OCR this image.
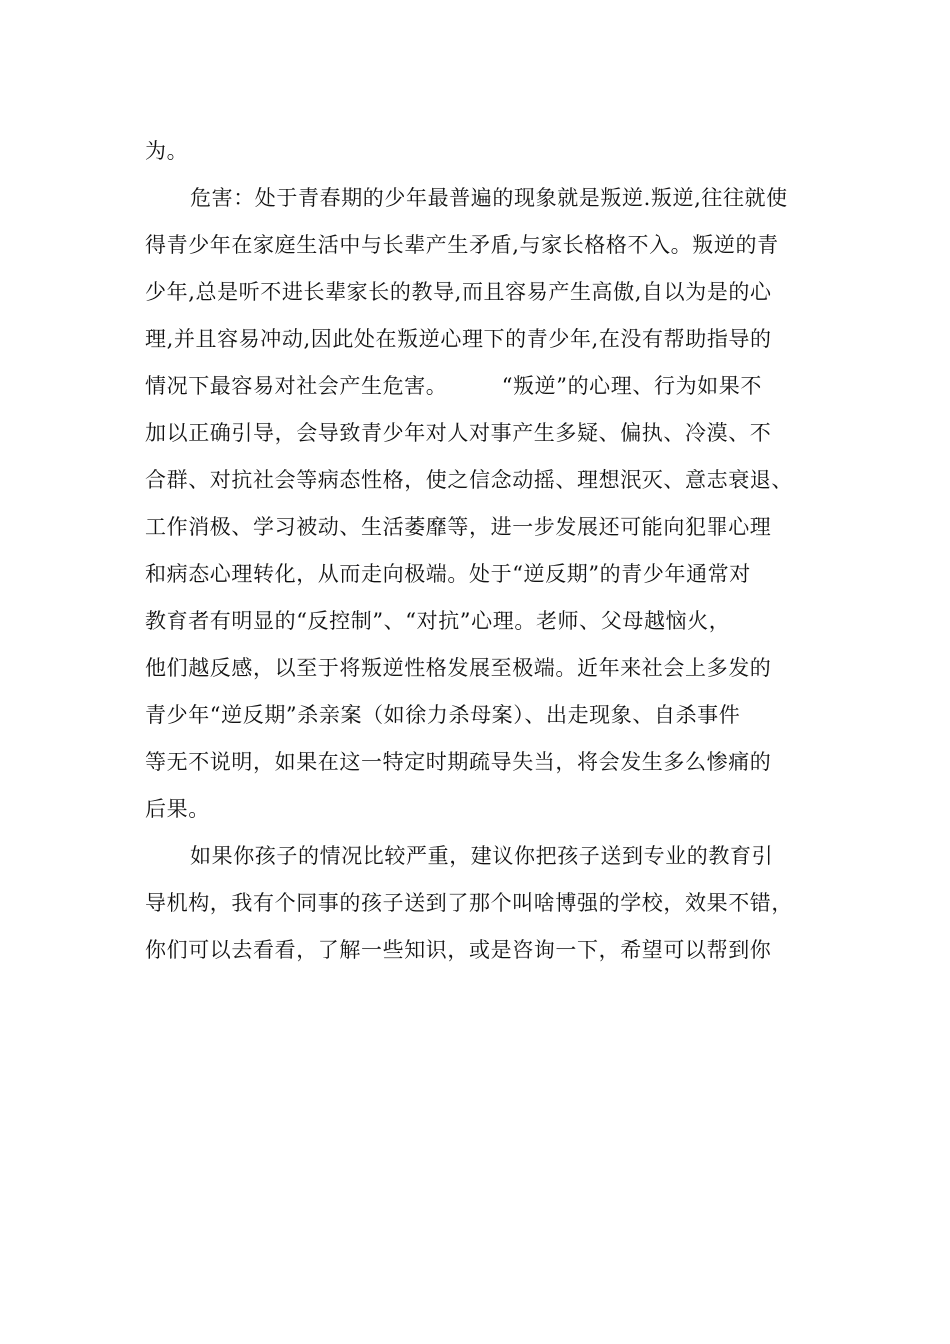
为。
危害：处于青春期的少年最普遍的现象就是叛逆.叛逆,往往就使
得青少年在家庭生活中与长辈产生矛盾,与家长格格不入。叛逆的青
少年,总是听不进长辈家长的教导,而且容易产生高傲,自以为是的心
理,并且容易冲动,因此处在叛逆心理下的青少年,在没有帮助指导的
情况下最容易对社会产生危害。　　　“叛逆”的心理、行为如果不
加以正确引导，会导致青少年对人对事产生多疑、偏执、冷漠、不
合群、对抗社会等病态性格，使之信念动摇、理想泯灭、意志衰退、
工作消极、学习被动、生活萎靡等，进一步发展还可能向犯罪心理
和病态心理转化，从而走向极端。处于“逆反期”的青少年通常对
教育者有明显的“反控制”、“对抗”心理。老师、父母越恼火，
他们越反感，以至于将叛逆性格发展至极端。近年来社会上多发的
青少年“逆反期”杀亲案（如徐力杀母案）、出走现象、自杀事件
等无不说明，如果在这一特定时期疏导失当，将会发生多么惨痛的
后果。
如果你孩子的情况比较严重，建议你把孩子送到专业的教育引
导机构，我有个同事的孩子送到了那个叫啥博强的学校，效果不错，
你们可以去看看，了解一些知识，或是咨询一下，希望可以帮到你
